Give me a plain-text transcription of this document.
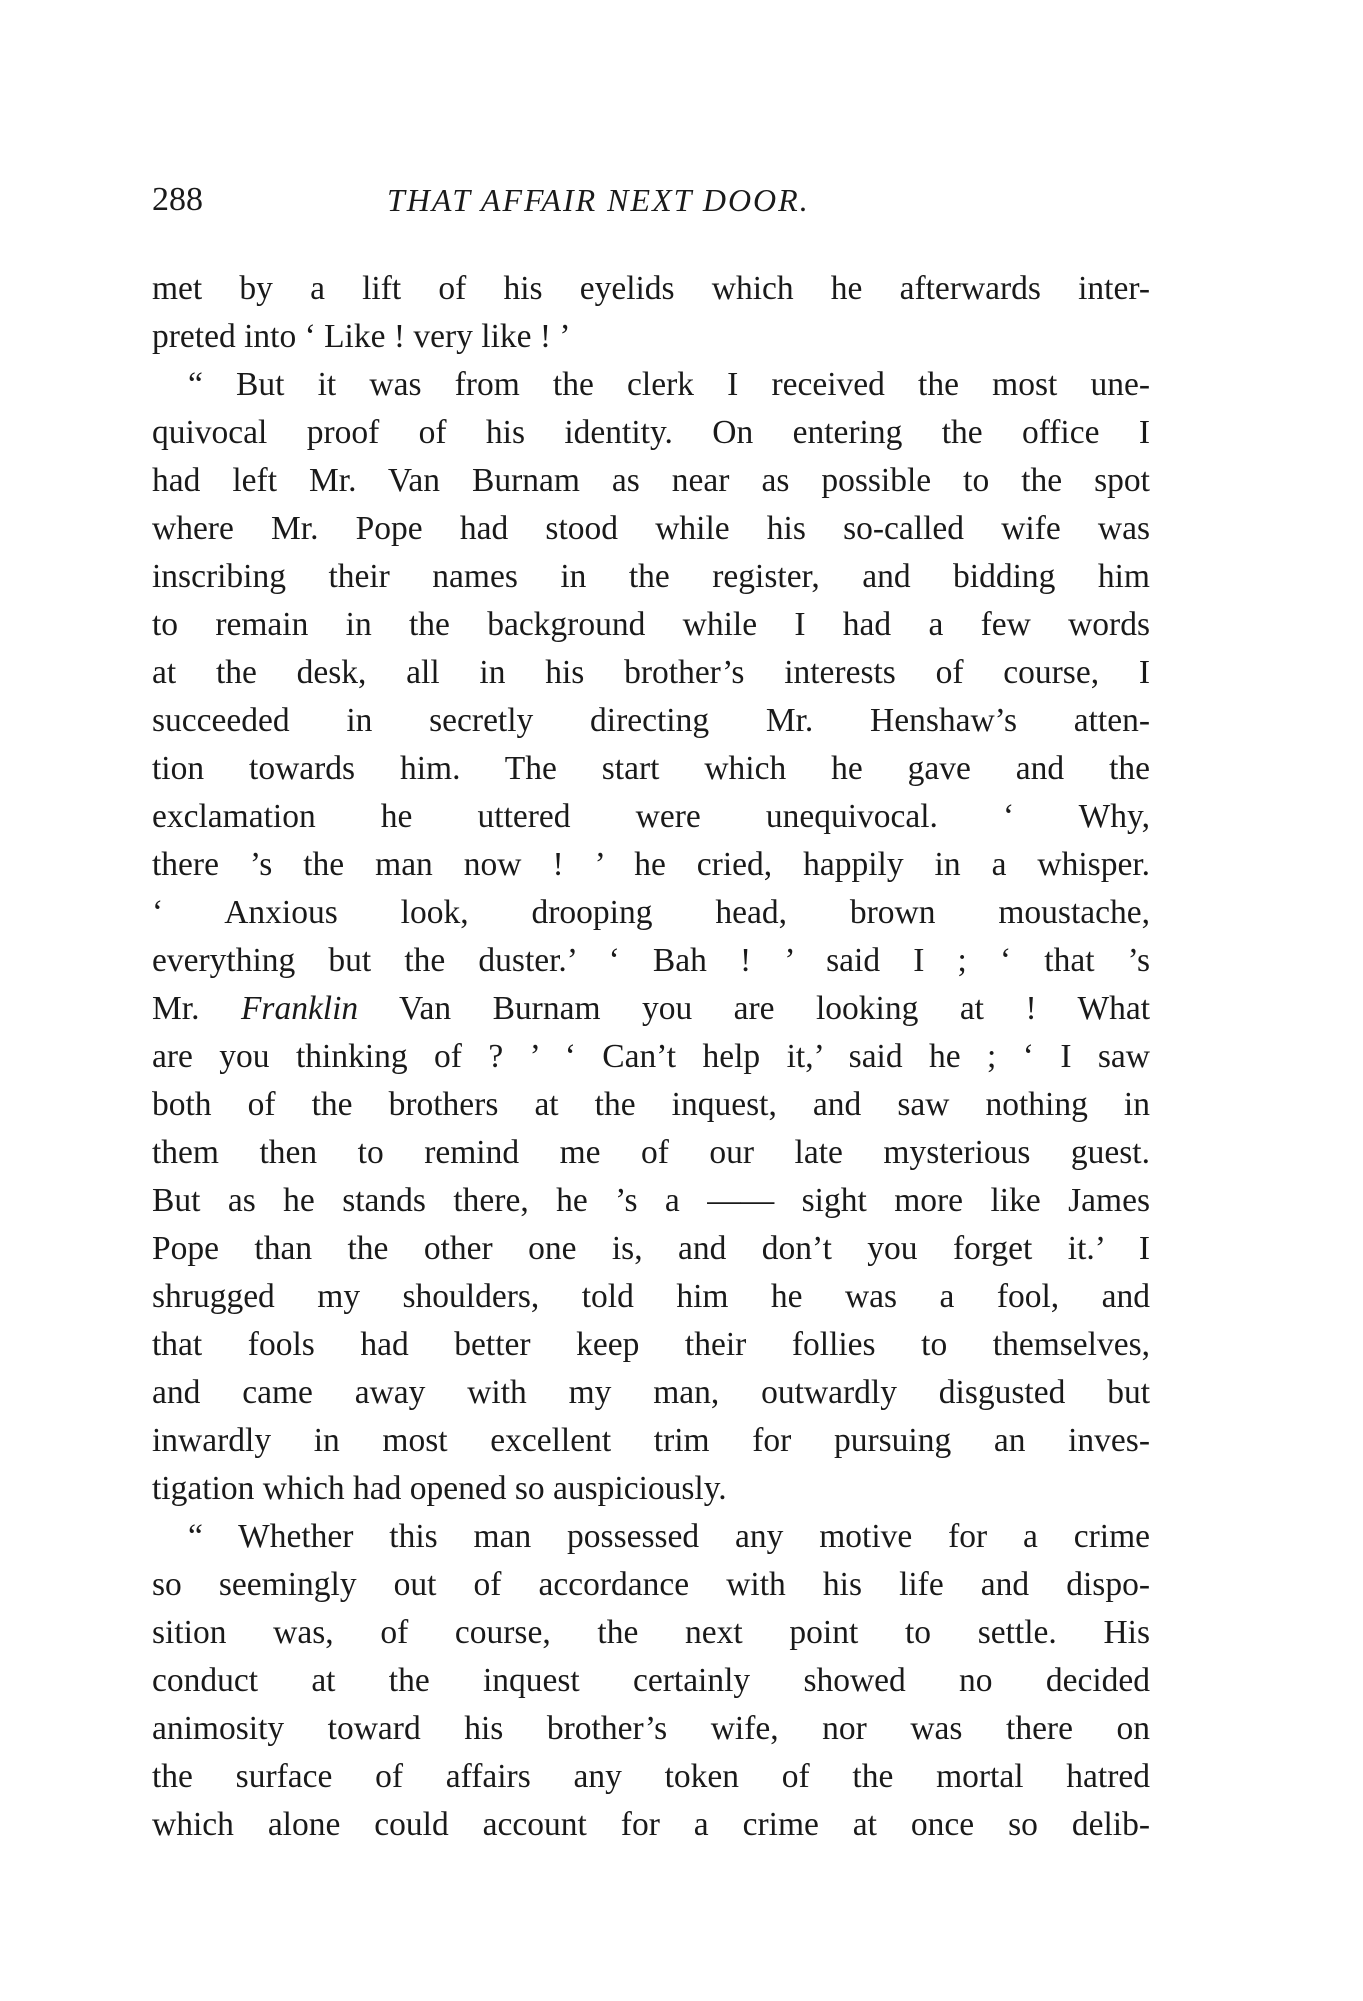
288	THAT AFFAIR NEXT DOOR.
met by a lift of his eyelids which he afterwards inter-
preted into ‘ Like ! very like ! ’
“ But it was from the clerk I received the most une-
quivocal proof of his identity. On entering the office I
had left Mr. Van Burnam as near as possible to the spot
where Mr. Pope had stood while his so-called wife was
inscribing their names in the register, and bidding him
to remain in the background while I had a few words
at the desk, all in his brother’s interests of course, I
succeeded in secretly directing Mr. Henshaw’s atten-
tion towards him. The start which he gave and the
exclamation he uttered were unequivocal. ‘ Why,
there ’s the man now ! ’ he cried, happily in a whisper.
‘ Anxious look, drooping head, brown moustache,
everything but the duster.’ ‘ Bah ! ’ said I ; ‘ that ’s
Mr. Franklin Van Burnam you are looking at ! What
are you thinking of ? ’ ‘ Can’t help it,’ said he ; ‘ I saw
both of the brothers at the inquest, and saw nothing in
them then to remind me of our late mysterious guest.
But as he stands there, he ’s a —— sight more like James
Pope than the other one is, and don’t you forget it.’ I
shrugged my shoulders, told him he was a fool, and
that fools had better keep their follies to themselves,
and came away with my man, outwardly disgusted but
inwardly in most excellent trim for pursuing an inves-
tigation which had opened so auspiciously.
“ Whether this man possessed any motive for a crime
so seemingly out of accordance with his life and dispo-
sition was, of course, the next point to settle. His
conduct at the inquest certainly showed no decided
animosity toward his brother’s wife, nor was there on
the surface of affairs any token of the mortal hatred
which alone could account for a crime at once so delib-
